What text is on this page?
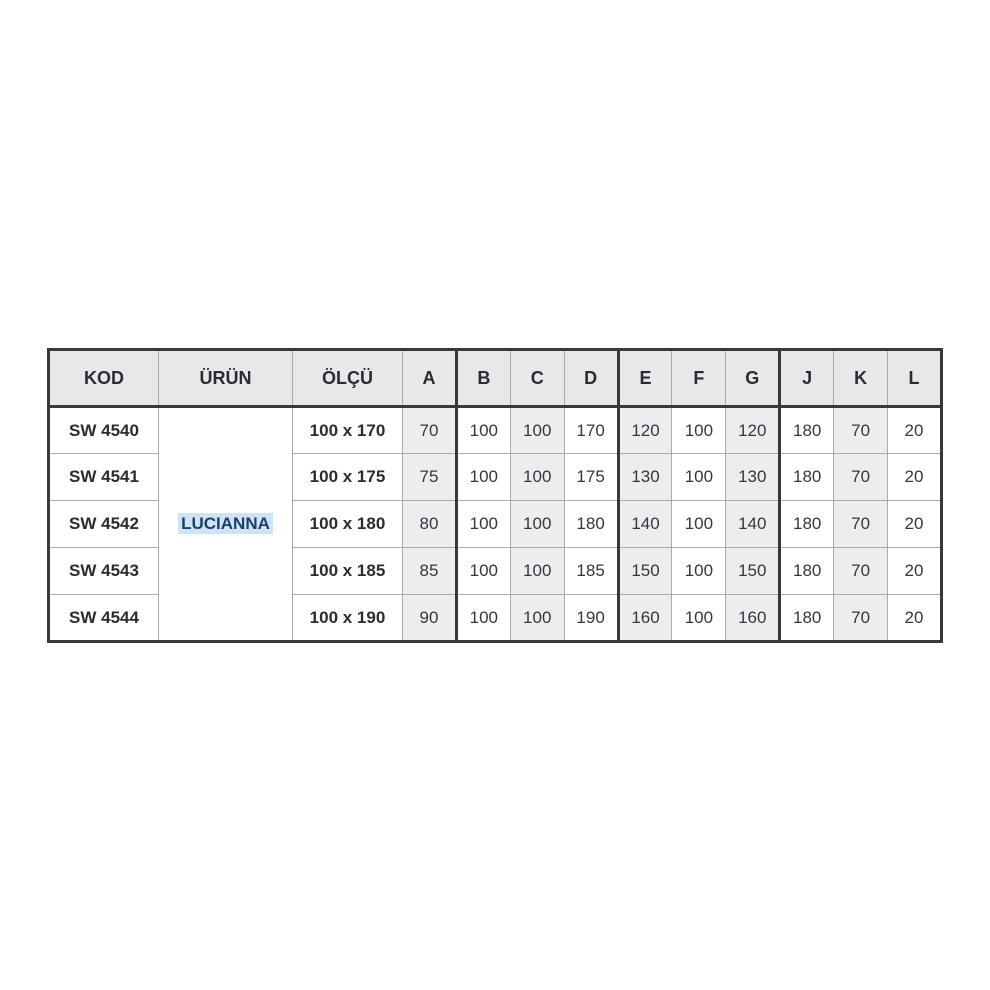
KOD	ÜRÜN	ÖLÇÜ	A	B	C	D	E	F	G	J	K	L
SW 4540	LUCIANNA	100 x 170	70	100	100	170	120	100	120	180	70	20
SW 4541		100 x 175	75	100	100	175	130	100	130	180	70	20
SW 4542		100 x 180	80	100	100	180	140	100	140	180	70	20
SW 4543		100 x 185	85	100	100	185	150	100	150	180	70	20
SW 4544		100 x 190	90	100	100	190	160	100	160	180	70	20
